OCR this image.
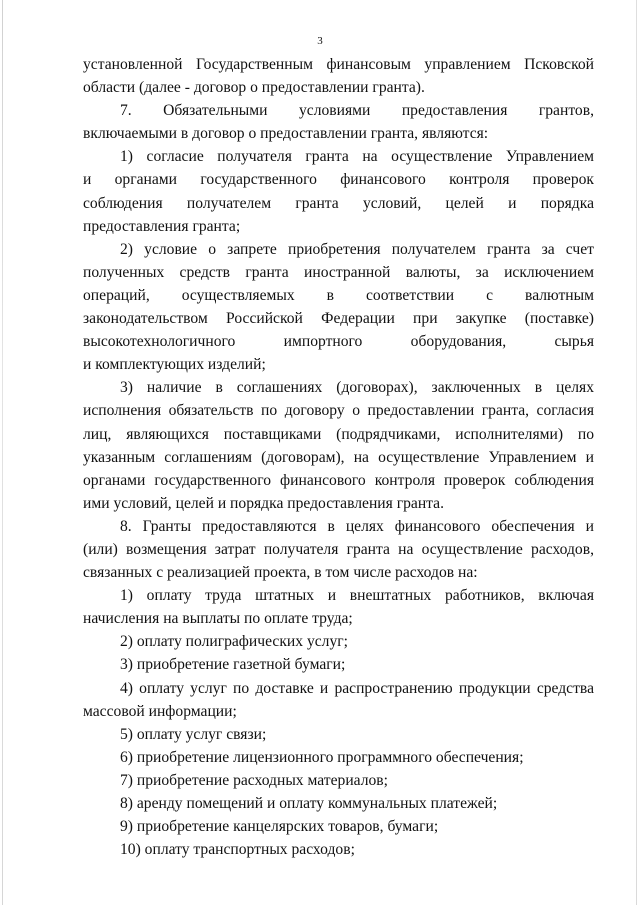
3
установленной Государственным финансовым управлением Псковской
области (далее - договор о предоставлении гранта).
7. Обязательными условиями предоставления грантов,
включаемыми в договор о предоставлении гранта, являются:
1) согласие получателя гранта на осуществление Управлением
и органами государственного финансового контроля проверок
соблюдения получателем гранта условий, целей и порядка
предоставления гранта;
2) условие о запрете приобретения получателем гранта за счет
полученных средств гранта иностранной валюты, за исключением
операций, осуществляемых в соответствии с валютным
законодательством Российской Федерации при закупке (поставке)
высокотехнологичного импортного оборудования, сырья
и комплектующих изделий;
3) наличие в соглашениях (договорах), заключенных в целях
исполнения обязательств по договору о предоставлении гранта, согласия
лиц, являющихся поставщиками (подрядчиками, исполнителями) по
указанным соглашениям (договорам), на осуществление Управлением и
органами государственного финансового контроля проверок соблюдения
ими условий, целей и порядка предоставления гранта.
8. Гранты предоставляются в целях финансового обеспечения и
(или) возмещения затрат получателя гранта на осуществление расходов,
связанных с реализацией проекта, в том числе расходов на:
1) оплату труда штатных и внештатных работников, включая
начисления на выплаты по оплате труда;
2) оплату полиграфических услуг;
3) приобретение газетной бумаги;
4) оплату услуг по доставке и распространению продукции средства
массовой информации;
5) оплату услуг связи;
6) приобретение лицензионного программного обеспечения;
7) приобретение расходных материалов;
8) аренду помещений и оплату коммунальных платежей;
9) приобретение канцелярских товаров, бумаги;
10) оплату транспортных расходов;
